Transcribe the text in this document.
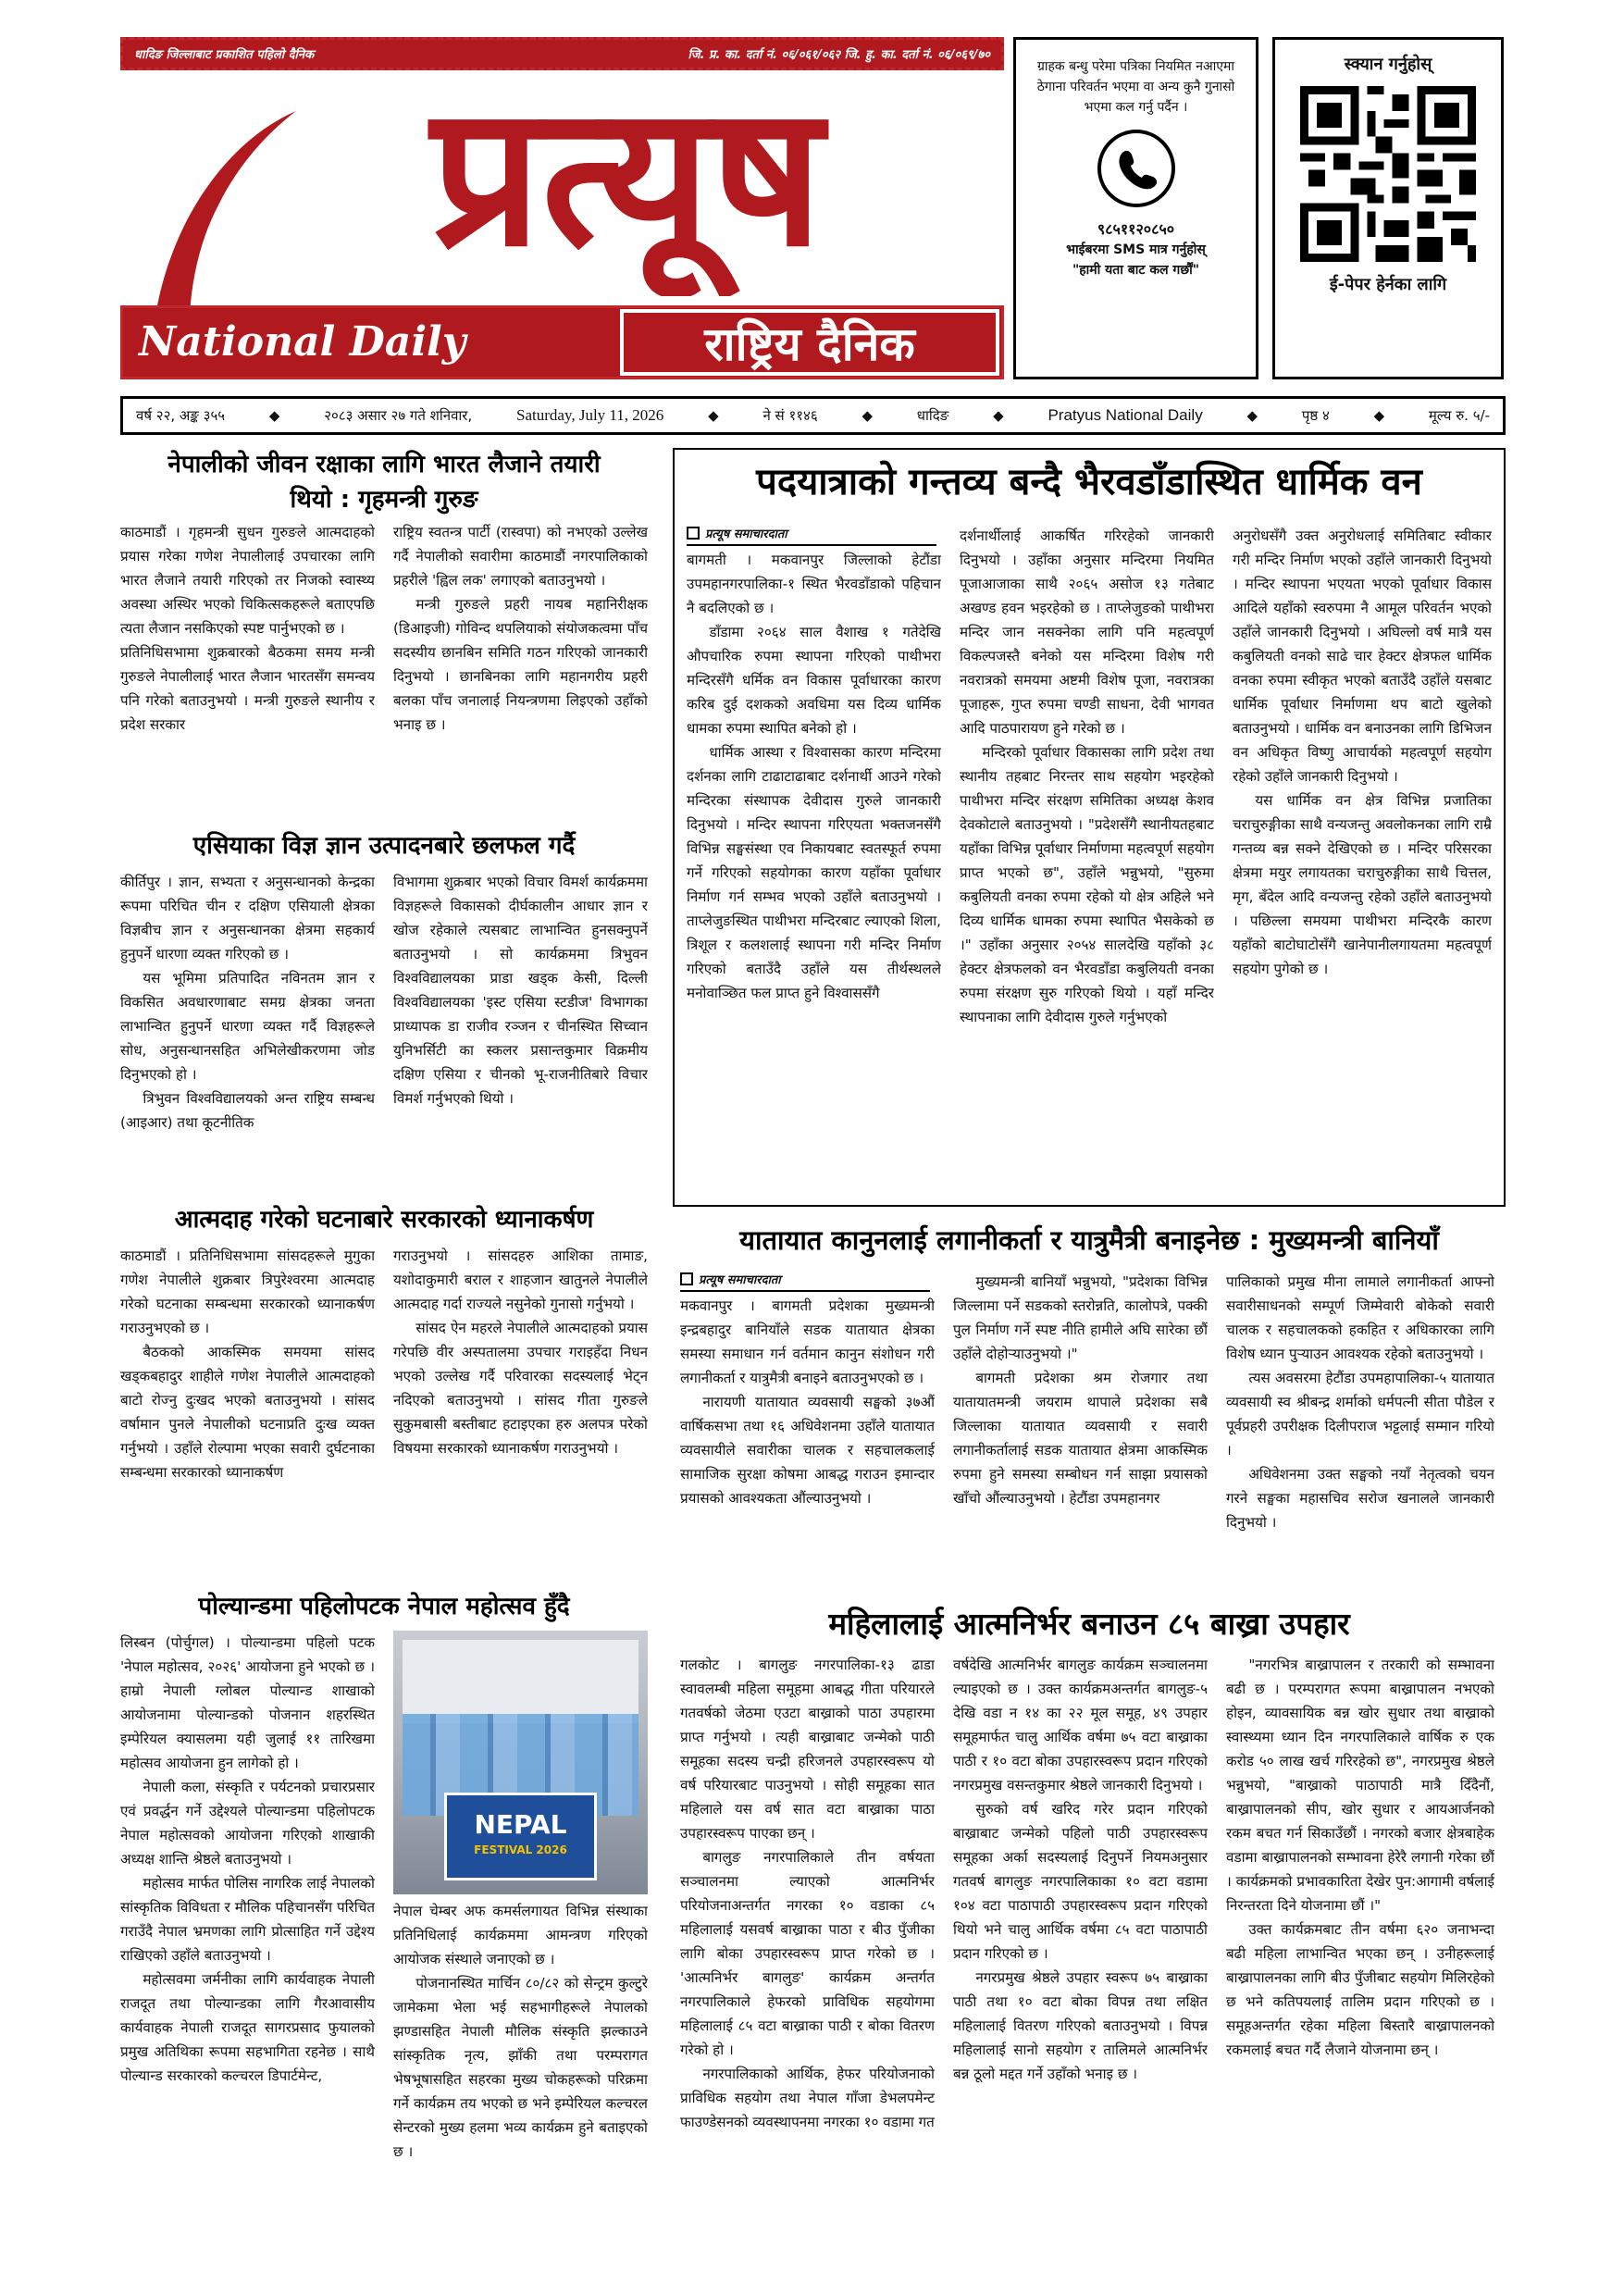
धादिङ जिल्लाबाट प्रकाशित पहिलो दैनिक	जि. प्र. का. दर्ता नं. ०६/०६१/०६२ जि. हु. का. दर्ता नं. ०६/०६९/७०
प्रत्यूष
National Daily	राष्ट्रिय दैनिक
ग्राहक बन्धु परेमा पत्रिका नियमित नआएमा ठेगाना परिवर्तन भएमा वा अन्य कुनै गुनासो भएमा कल गर्नु पर्दैन ।
९८५११२०८५०
भाईबरमा SMS मात्र गर्नुहोस्
"हामी यता बाट कल गर्छौं"
स्क्यान गर्नुहोस्
ई-पेपर हेर्नका लागि
वर्ष २२, अङ्क ३५५	◆	२०८३ असार २७ गते शनिवार,	Saturday, July 11, 2026	◆	ने सं ११४६	◆	धादिङ	◆	Pratyus National Daily	◆	पृष्ठ ४	◆	मूल्य रु. ५/-
नेपालीको जीवन रक्षाका लागि भारत लैजाने तयारी
थियो : गृहमन्त्री गुरुङ

काठमाडौं । गृहमन्त्री सुधन गुरुङले आत्मदाहको प्रयास गरेका गणेश नेपालीलाई उपचारका लागि भारत लैजाने तयारी गरिएको तर निजको स्वास्थ्य अवस्था अस्थिर भएको चिकित्सकहरूले बताएपछि त्यता लैजान नसकिएको स्पष्ट पार्नुभएको छ ।

प्रतिनिधिसभामा शुक्रबारको बैठकमा समय मन्त्री गुरुङले नेपालीलाई भारत लैजान भारतसँग समन्वय पनि गरेको बताउनुभयो । मन्त्री गुरुङले स्थानीय र प्रदेश सरकार

राष्ट्रिय स्वतन्त्र पार्टी (रास्वपा) को नभएको उल्लेख गर्दै नेपालीको सवारीमा काठमाडौं नगरपालिकाको प्रहरीले 'ह्विल लक' लगाएको बताउनुभयो ।

मन्त्री गुरुङले प्रहरी नायब महानिरीक्षक (डिआइजी) गोविन्द थपलियाको संयोजकत्वमा पाँच सदस्यीय छानबिन समिति गठन गरिएको जानकारी दिनुभयो । छानबिनका लागि महानगरीय प्रहरी बलका पाँच जनालाई नियन्त्रणमा लिइएको उहाँको भनाइ छ ।

एसियाका विज्ञ ज्ञान उत्पादनबारे छलफल गर्दै

कीर्तिपुर । ज्ञान, सभ्यता र अनुसन्धानको केन्द्रका रूपमा परिचित चीन र दक्षिण एसियाली क्षेत्रका विज्ञबीच ज्ञान र अनुसन्धानका क्षेत्रमा सहकार्य हुनुपर्ने धारणा व्यक्त गरिएको छ ।

यस भूमिमा प्रतिपादित नविनतम ज्ञान र विकसित अवधारणाबाट समग्र क्षेत्रका जनता लाभान्वित हुनुपर्ने धारणा व्यक्त गर्दै विज्ञहरूले सोध, अनुसन्धानसहित अभिलेखीकरणमा जोड दिनुभएको हो ।

त्रिभुवन विश्वविद्यालयको अन्त राष्ट्रिय सम्बन्ध (आइआर) तथा कूटनीतिक

विभागमा शुक्रबार भएको विचार विमर्श कार्यक्रममा विज्ञहरूले विकासको दीर्घकालीन आधार ज्ञान र खोज रहेकाले त्यसबाट लाभान्वित हुनसक्नुपर्ने बताउनुभयो । सो कार्यक्रममा त्रिभुवन विश्वविद्यालयका प्राडा खड्क केसी, दिल्ली विश्वविद्यालयका 'इस्ट एसिया स्टडीज' विभागका प्राध्यापक डा राजीव रञ्जन र चीनस्थित सिच्वान युनिभर्सिटी का स्कलर प्रसान्तकुमार विक्रमीय दक्षिण एसिया र चीनको भू-राजनीतिबारे विचार विमर्श गर्नुभएको थियो ।

आत्मदाह गरेको घटनाबारे सरकारको ध्यानाकर्षण

काठमाडौं । प्रतिनिधिसभामा सांसदहरूले मुगुका गणेश नेपालीले शुक्रबार त्रिपुरेश्वरमा आत्मदाह गरेको घटनाका सम्बन्धमा सरकारको ध्यानाकर्षण गराउनुभएको छ ।

बैठकको आकस्मिक समयमा सांसद खड्कबहादुर शाहीले गणेश नेपालीले आत्मदाहको बाटो रोज्नु दुःखद भएको बताउनुभयो । सांसद वर्षामान पुनले नेपालीको घटनाप्रति दुःख व्यक्त गर्नुभयो । उहाँले रोल्पामा भएका सवारी दुर्घटनाका सम्बन्धमा सरकारको ध्यानाकर्षण

गराउनुभयो । सांसदहरु आशिका तामाङ, यशोदाकुमारी बराल र शाहजान खातुनले नेपालीले आत्मदाह गर्दा राज्यले नसुनेको गुनासो गर्नुभयो ।

सांसद ऐन महरले नेपालीले आत्मदाहको प्रयास गरेपछि वीर अस्पतालमा उपचार गराइहँदा निधन भएको उल्लेख गर्दै परिवारका सदस्यलाई भेट्न नदिएको बताउनुभयो । सांसद गीता गुरुङले सुकुमबासी बस्तीबाट हटाइएका हरु अलपत्र परेको विषयमा सरकारको ध्यानाकर्षण गराउनुभयो ।

पोल्यान्डमा पहिलोपटक नेपाल महोत्सव हुँदै

लिस्बन (पोर्चुगल) । पोल्यान्डमा पहिलो पटक 'नेपाल महोत्सव, २०२६' आयोजना हुने भएको छ । हाम्रो नेपाली ग्लोबल पोल्यान्ड शाखाको आयोजनामा पोल्यान्डको पोजनान शहरस्थित इम्पेरियल क्यासलमा यही जुलाई ११ तारिखमा महोत्सव आयोजना हुन लागेको हो ।

नेपाली कला, संस्कृति र पर्यटनको प्रचारप्रसार एवं प्रवर्द्धन गर्ने उद्देश्यले पोल्यान्डमा पहिलोपटक नेपाल महोत्सवको आयोजना गरिएको शाखाकी अध्यक्ष शान्ति श्रेष्ठले बताउनुभयो ।

महोत्सव मार्फत पोलिस नागरिक लाई नेपालको सांस्कृतिक विविधता र मौलिक पहिचानसँग परिचित गराउँदै नेपाल भ्रमणका लागि प्रोत्साहित गर्ने उद्देश्य राखिएको उहाँले बताउनुभयो ।

महोत्सवमा जर्मनीका लागि कार्यवाहक नेपाली राजदूत तथा पोल्यान्डका लागि गैरआवासीय कार्यवाहक नेपाली राजदूत सागरप्रसाद फुयालको प्रमुख अतिथिका रूपमा सहभागिता रहनेछ । साथै पोल्यान्ड सरकारको कल्चरल डिपार्टमेन्ट,

NEPAL
FESTIVAL 2026

नेपाल चेम्बर अफ कमर्सलगायत विभिन्न संस्थाका प्रतिनिधिलाई कार्यक्रममा आमन्त्रण गरिएको आयोजक संस्थाले जनाएको छ ।

पोजनानस्थित मार्चिन ८०/८२ को सेन्ट्रम कुल्टुरे जामेकमा भेला भई सहभागीहरूले नेपालको झण्डासहित नेपाली मौलिक संस्कृति झल्काउने सांस्कृतिक नृत्य, झाँकी तथा परम्परागत भेषभूषासहित सहरका मुख्य चोकहरूको परिक्रमा गर्ने कार्यक्रम तय भएको छ भने इम्पेरियल कल्चरल सेन्टरको मुख्य हलमा भव्य कार्यक्रम हुने बताइएको छ ।

पदयात्राको गन्तव्य बन्दै भैरवडाँडास्थित धार्मिक वन
प्रत्यूष समाचारदाता

बागमती । मकवानपुर जिल्लाको हेटौंडा उपमहानगरपालिका-१ स्थित भैरवडाँडाको पहिचान नै बदलिएको छ ।

डाँडामा २०६४ साल वैशाख १ गतेदेखि औपचारिक रुपमा स्थापना गरिएको पाथीभरा मन्दिरसँगै धर्मिक वन विकास पूर्वाधारका कारण करिब दुई दशकको अवधिमा यस दिव्य धार्मिक धामका रुपमा स्थापित बनेको हो ।

धार्मिक आस्था र विश्वासका कारण मन्दिरमा दर्शनका लागि टाढाटाढाबाट दर्शनार्थी आउने गरेको मन्दिरका संस्थापक देवीदास गुरुले जानकारी दिनुभयो । मन्दिर स्थापना गरिएयता भक्तजनसँगै विभिन्न सङ्घसंस्था एव निकायबाट स्वतस्फूर्त रुपमा गर्ने गरिएको सहयोगका कारण यहाँका पूर्वाधार निर्माण गर्न सम्भव भएको उहाँले बताउनुभयो । ताप्लेजुङस्थित पाथीभरा मन्दिरबाट ल्याएको शिला, त्रिशूल र कलशलाई स्थापना गरी मन्दिर निर्माण गरिएको बताउँदै उहाँले यस तीर्थस्थलले मनोवाञ्छित फल प्राप्त हुने विश्वाससँगै

दर्शनार्थीलाई आकर्षित गरिरहेको जानकारी दिनुभयो । उहाँका अनुसार मन्दिरमा नियमित पूजाआजाका साथै २०६५ असोज १३ गतेबाट अखण्ड हवन भइरहेको छ । ताप्लेजुङको पाथीभरा मन्दिर जान नसक्नेका लागि पनि महत्वपूर्ण विकल्पजस्तै बनेको यस मन्दिरमा विशेष गरी नवरात्रको समयमा अष्टमी विशेष पूजा, नवरात्रका पूजाहरू, गुप्त रुपमा चण्डी साधना, देवी भागवत आदि पाठपारायण हुने गरेको छ ।

मन्दिरको पूर्वाधार विकासका लागि प्रदेश तथा स्थानीय तहबाट निरन्तर साथ सहयोग भइरहेको पाथीभरा मन्दिर संरक्षण समितिका अध्यक्ष केशव देवकोटाले बताउनुभयो । "प्रदेशसँगै स्थानीयतहबाट यहाँका विभिन्न पूर्वाधार निर्माणमा महत्वपूर्ण सहयोग प्राप्त भएको छ", उहाँले भन्नुभयो, "सुरुमा कबुलियती वनका रुपमा रहेको यो क्षेत्र अहिले भने दिव्य धार्मिक धामका रुपमा स्थापित भैसकेको छ ।" उहाँका अनुसार २०५४ सालदेखि यहाँको ३८ हेक्टर क्षेत्रफलको वन भैरवडाँडा कबुलियती वनका रुपमा संरक्षण सुरु गरिएको थियो । यहाँ मन्दिर स्थापनाका लागि देवीदास गुरुले गर्नुभएको

अनुरोधसँगै उक्त अनुरोधलाई समितिबाट स्वीकार गरी मन्दिर निर्माण भएको उहाँले जानकारी दिनुभयो । मन्दिर स्थापना भएयता भएको पूर्वाधार विकास आदिले यहाँको स्वरुपमा नै आमूल परिवर्तन भएको उहाँले जानकारी दिनुभयो । अघिल्लो वर्ष मात्रै यस कबुलियती वनको साढे चार हेक्टर क्षेत्रफल धार्मिक वनका रुपमा स्वीकृत भएको बताउँदै उहाँले यसबाट धार्मिक पूर्वाधार निर्माणमा थप बाटो खुलेको बताउनुभयो । धार्मिक वन बनाउनका लागि डिभिजन वन अधिकृत विष्णु आचार्यको महत्वपूर्ण सहयोग रहेको उहाँले जानकारी दिनुभयो ।

यस धार्मिक वन क्षेत्र विभिन्न प्रजातिका चराचुरुङ्गीका साथै वन्यजन्तु अवलोकनका लागि राम्रै गन्तव्य बन्न सक्ने देखिएको छ । मन्दिर परिसरका क्षेत्रमा मयुर लगायतका चराचुरुङ्गीका साथै चित्तल, मृग, बँदेल आदि वन्यजन्तु रहेको उहाँले बताउनुभयो । पछिल्ला समयमा पाथीभरा मन्दिरकै कारण यहाँको बाटोघाटोसँगै खानेपानीलगायतमा महत्वपूर्ण सहयोग पुगेको छ ।

यातायात कानुनलाई लगानीकर्ता र यात्रुमैत्री बनाइनेछ : मुख्यमन्त्री बानियाँ
प्रत्यूष समाचारदाता

मकवानपुर । बागमती प्रदेशका मुख्यमन्त्री इन्द्रबहादुर बानियाँले सडक यातायात क्षेत्रका समस्या समाधान गर्न वर्तमान कानुन संशोधन गरी लगानीकर्ता र यात्रुमैत्री बनाइने बताउनुभएको छ ।

नारायणी यातायात व्यवसायी सङ्घको ३७औं वार्षिकसभा तथा १६ अधिवेशनमा उहाँले यातायात व्यवसायीले सवारीका चालक र सहचालकलाई सामाजिक सुरक्षा कोषमा आबद्ध गराउन इमान्दार प्रयासको आवश्यकता औंल्याउनुभयो ।

मुख्यमन्त्री बानियाँ भन्नुभयो, "प्रदेशका विभिन्न जिल्लामा पर्ने सडकको स्तरोन्नति, कालोपत्रे, पक्की पुल निर्माण गर्ने स्पष्ट नीति हामीले अघि सारेका छौं उहाँले दोहोऱ्याउनुभयो ।"

बागमती प्रदेशका श्रम रोजगार तथा यातायातमन्त्री जयराम थापाले प्रदेशका सबै जिल्लाका यातायात व्यवसायी र सवारी लगानीकर्तालाई सडक यातायात क्षेत्रमा आकस्मिक रुपमा हुने समस्या सम्बोधन गर्न साझा प्रयासको खाँचो औंल्याउनुभयो । हेटौंडा उपमहानगर

पालिकाको प्रमुख मीना लामाले लगानीकर्ता आफ्नो सवारीसाधनको सम्पूर्ण जिम्मेवारी बोकेको सवारी चालक र सहचालकको हकहित र अधिकारका लागि विशेष ध्यान पुऱ्याउन आवश्यक रहेको बताउनुभयो ।

त्यस अवसरमा हेटौंडा उपमहापालिका-५ यातायात व्यवसायी स्व श्रीबन्द्र शर्माको धर्मपत्नी सीता पौडेल र पूर्वप्रहरी उपरीक्षक दिलीपराज भट्टलाई सम्मान गरियो ।

अधिवेशनमा उक्त सङ्घको नयाँ नेतृत्वको चयन गरने सङ्घका महासचिव सरोज खनालले जानकारी दिनुभयो ।

महिलालाई आत्मनिर्भर बनाउन ८५ बाख्रा उपहार

गलकोट । बागलुङ नगरपालिका-१३ ढाडा स्वावलम्बी महिला समूहमा आबद्ध गीता परियारले गतवर्षको जेठमा एउटा बाख्राको पाठा उपहारमा प्राप्त गर्नुभयो । त्यही बाख्राबाट जन्मेको पाठी समूहका सदस्य चन्द्री हरिजनले उपहारस्वरूप यो वर्ष परियारबाट पाउनुभयो । सोही समूहका सात महिलाले यस वर्ष सात वटा बाख्राका पाठा उपहारस्वरूप पाएका छन् ।

बागलुङ नगरपालिकाले तीन वर्षयता सञ्चालनमा ल्याएको आत्मनिर्भर परियोजनाअन्तर्गत नगरका १० वडाका ८५ महिलालाई यसवर्ष बाख्राका पाठा र बीउ पुँजीका लागि बोका उपहारस्वरूप प्राप्त गरेको छ । 'आत्मनिर्भर बागलुङ' कार्यक्रम अन्तर्गत नगरपालिकाले हेफरको प्राविधिक सहयोगमा महिलालाई ८५ वटा बाख्राका पाठी र बोका वितरण गरेको हो ।

नगरपालिकाको आर्थिक, हेफर परियोजनाको प्राविधिक सहयोग तथा नेपाल गाँजा डेभलपमेन्ट फाउण्डेसनको व्यवस्थापनमा नगरका १० वडामा गत

वर्षदेखि आत्मनिर्भर बागलुङ कार्यक्रम सञ्चालनमा ल्याइएको छ । उक्त कार्यक्रमअन्तर्गत बागलुङ-५ देखि वडा न १४ का २२ मूल समूह, ४९ उपहार समूहमार्फत चालु आर्थिक वर्षमा ७५ वटा बाख्राका पाठी र १० वटा बोका उपहारस्वरूप प्रदान गरिएको नगरप्रमुख वसन्तकुमार श्रेष्ठले जानकारी दिनुभयो ।

सुरुको वर्ष खरिद गरेर प्रदान गरिएको बाख्राबाट जन्मेको पहिलो पाठी उपहारस्वरूप समूहका अर्का सदस्यलाई दिनुपर्ने नियमअनुसार गतवर्ष बागलुङ नगरपालिकाका १० वटा वडामा १०४ वटा पाठापाठी उपहारस्वरूप प्रदान गरिएको थियो भने चालु आर्थिक वर्षमा ८५ वटा पाठापाठी प्रदान गरिएको छ ।

नगरप्रमुख श्रेष्ठले उपहार स्वरूप ७५ बाख्राका पाठी तथा १० वटा बोका विपन्न तथा लक्षित महिलालाई वितरण गरिएको बताउनुभयो । विपन्न महिलालाई सानो सहयोग र तालिमले आत्मनिर्भर बन्न ठूलो मद्दत गर्ने उहाँको भनाइ छ ।

"नगरभित्र बाख्रापालन र तरकारी को सम्भावना बढी छ । परम्परागत रूपमा बाख्रापालन नभएको होइन, व्यावसायिक बन्न खोर सुधार तथा बाख्राको स्वास्थ्यमा ध्यान दिन नगरपालिकाले वार्षिक रु एक करोड ५० लाख खर्च गरिरहेको छ", नगरप्रमुख श्रेष्ठले भन्नुभयो, "बाख्राको पाठापाठी मात्रै दिँदैनौं, बाख्रापालनको सीप, खोर सुधार र आयआर्जनको रकम बचत गर्न सिकाउँछौं । नगरको बजार क्षेत्रबाहेक वडामा बाख्रापालनको सम्भावना हेरेरै लगानी गरेका छौं । कार्यक्रमको प्रभावकारिता देखेर पुन:आगामी वर्षलाई निरन्तरता दिने योजनामा छौं ।"

उक्त कार्यक्रमबाट तीन वर्षमा ६२० जनाभन्दा बढी महिला लाभान्वित भएका छन् । उनीहरूलाई बाख्रापालनका लागि बीउ पुँजीबाट सहयोग मिलिरहेको छ भने कतिपयलाई तालिम प्रदान गरिएको छ । समूहअन्तर्गत रहेका महिला बिस्तारै बाख्रापालनको रकमलाई बचत गर्दै लैजाने योजनामा छन् ।
